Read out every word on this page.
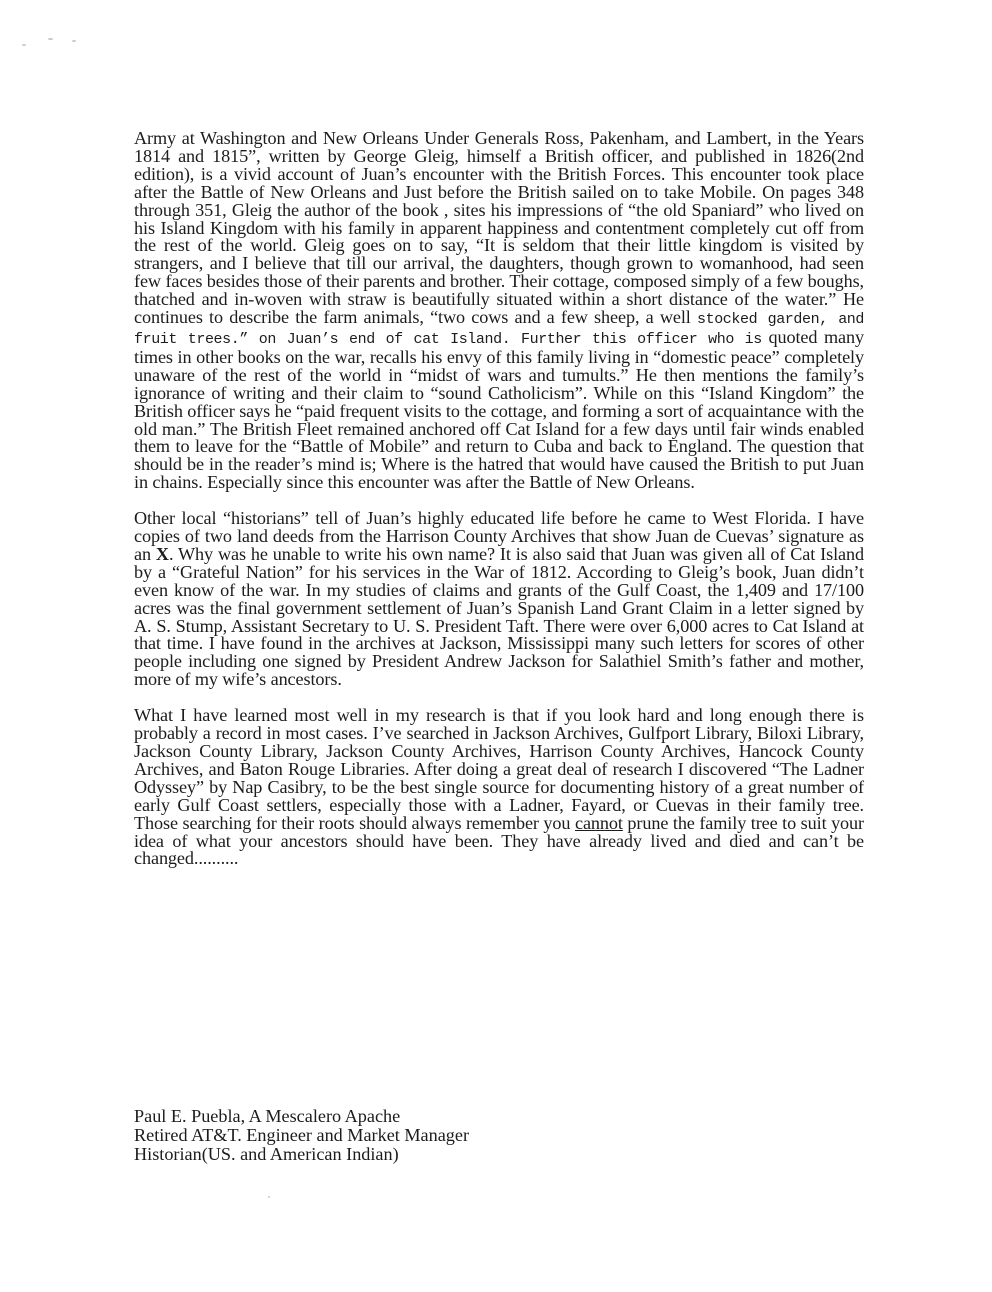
Army at Washington and New Orleans Under Generals Ross, Pakenham, and Lambert, in the Years 1814 and 1815”, written by George Gleig, himself a British officer, and published in 1826(2nd edition), is a vivid account of Juan’s encounter with the British Forces. This encounter took place after the Battle of New Orleans and Just before the British sailed on to take Mobile. On pages 348 through 351, Gleig the author of the book , sites his impressions of “the old Spaniard” who lived on his Island Kingdom with his family in apparent happiness and contentment completely cut off from the rest of the world. Gleig goes on to say, “It is seldom that their little kingdom is visited by strangers, and I believe that till our arrival, the daughters, though grown to womanhood, had seen few faces besides those of their parents and brother. Their cottage, composed simply of a few boughs, thatched and in-woven with straw is beautifully situated within a short distance of the water.” He continues to describe the farm animals, “two cows and a few sheep, a well stocked garden, and fruit trees.” on Juan’s end of cat Island. Further this officer who is quoted many times in other books on the war, recalls his envy of this family living in “domestic peace” completely unaware of the rest of the world in “midst of wars and tumults.” He then mentions the family’s ignorance of writing and their claim to “sound Catholicism”. While on this “Island Kingdom” the British officer says he “paid frequent visits to the cottage, and forming a sort of acquaintance with the old man.” The British Fleet remained anchored off Cat Island for a few days until fair winds enabled them to leave for the “Battle of Mobile” and return to Cuba and back to England. The question that should be in the reader’s mind is; Where is the hatred that would have caused the British to put Juan in chains. Especially since this encounter was after the Battle of New Orleans.

Other local “historians” tell of Juan’s highly educated life before he came to West Florida. I have copies of two land deeds from the Harrison County Archives that show Juan de Cuevas’ signature as an X. Why was he unable to write his own name? It is also said that Juan was given all of Cat Island by a “Grateful Nation” for his services in the War of 1812. According to Gleig’s book, Juan didn’t even know of the war. In my studies of claims and grants of the Gulf Coast, the 1,409 and 17/100 acres was the final government settlement of Juan’s Spanish Land Grant Claim in a letter signed by A. S. Stump, Assistant Secretary to U. S. President Taft. There were over 6,000 acres to Cat Island at that time. I have found in the archives at Jackson, Mississippi many such letters for scores of other people including one signed by President Andrew Jackson for Salathiel Smith’s father and mother, more of my wife’s ancestors.

What I have learned most well in my research is that if you look hard and long enough there is probably a record in most cases. I’ve searched in Jackson Archives, Gulfport Library, Biloxi Library, Jackson County Library, Jackson County Archives, Harrison County Archives, Hancock County Archives, and Baton Rouge Libraries. After doing a great deal of research I discovered “The Ladner Odyssey” by Nap Casibry, to be the best single source for documenting history of a great number of early Gulf Coast settlers, especially those with a Ladner, Fayard, or Cuevas in their family tree. Those searching for their roots should always remember you cannot prune the family tree to suit your idea of what your ancestors should have been. They have already lived and died and can’t be changed..........

Paul E. Puebla, A Mescalero Apache
Retired AT&T. Engineer and Market Manager
Historian(US. and American Indian)
